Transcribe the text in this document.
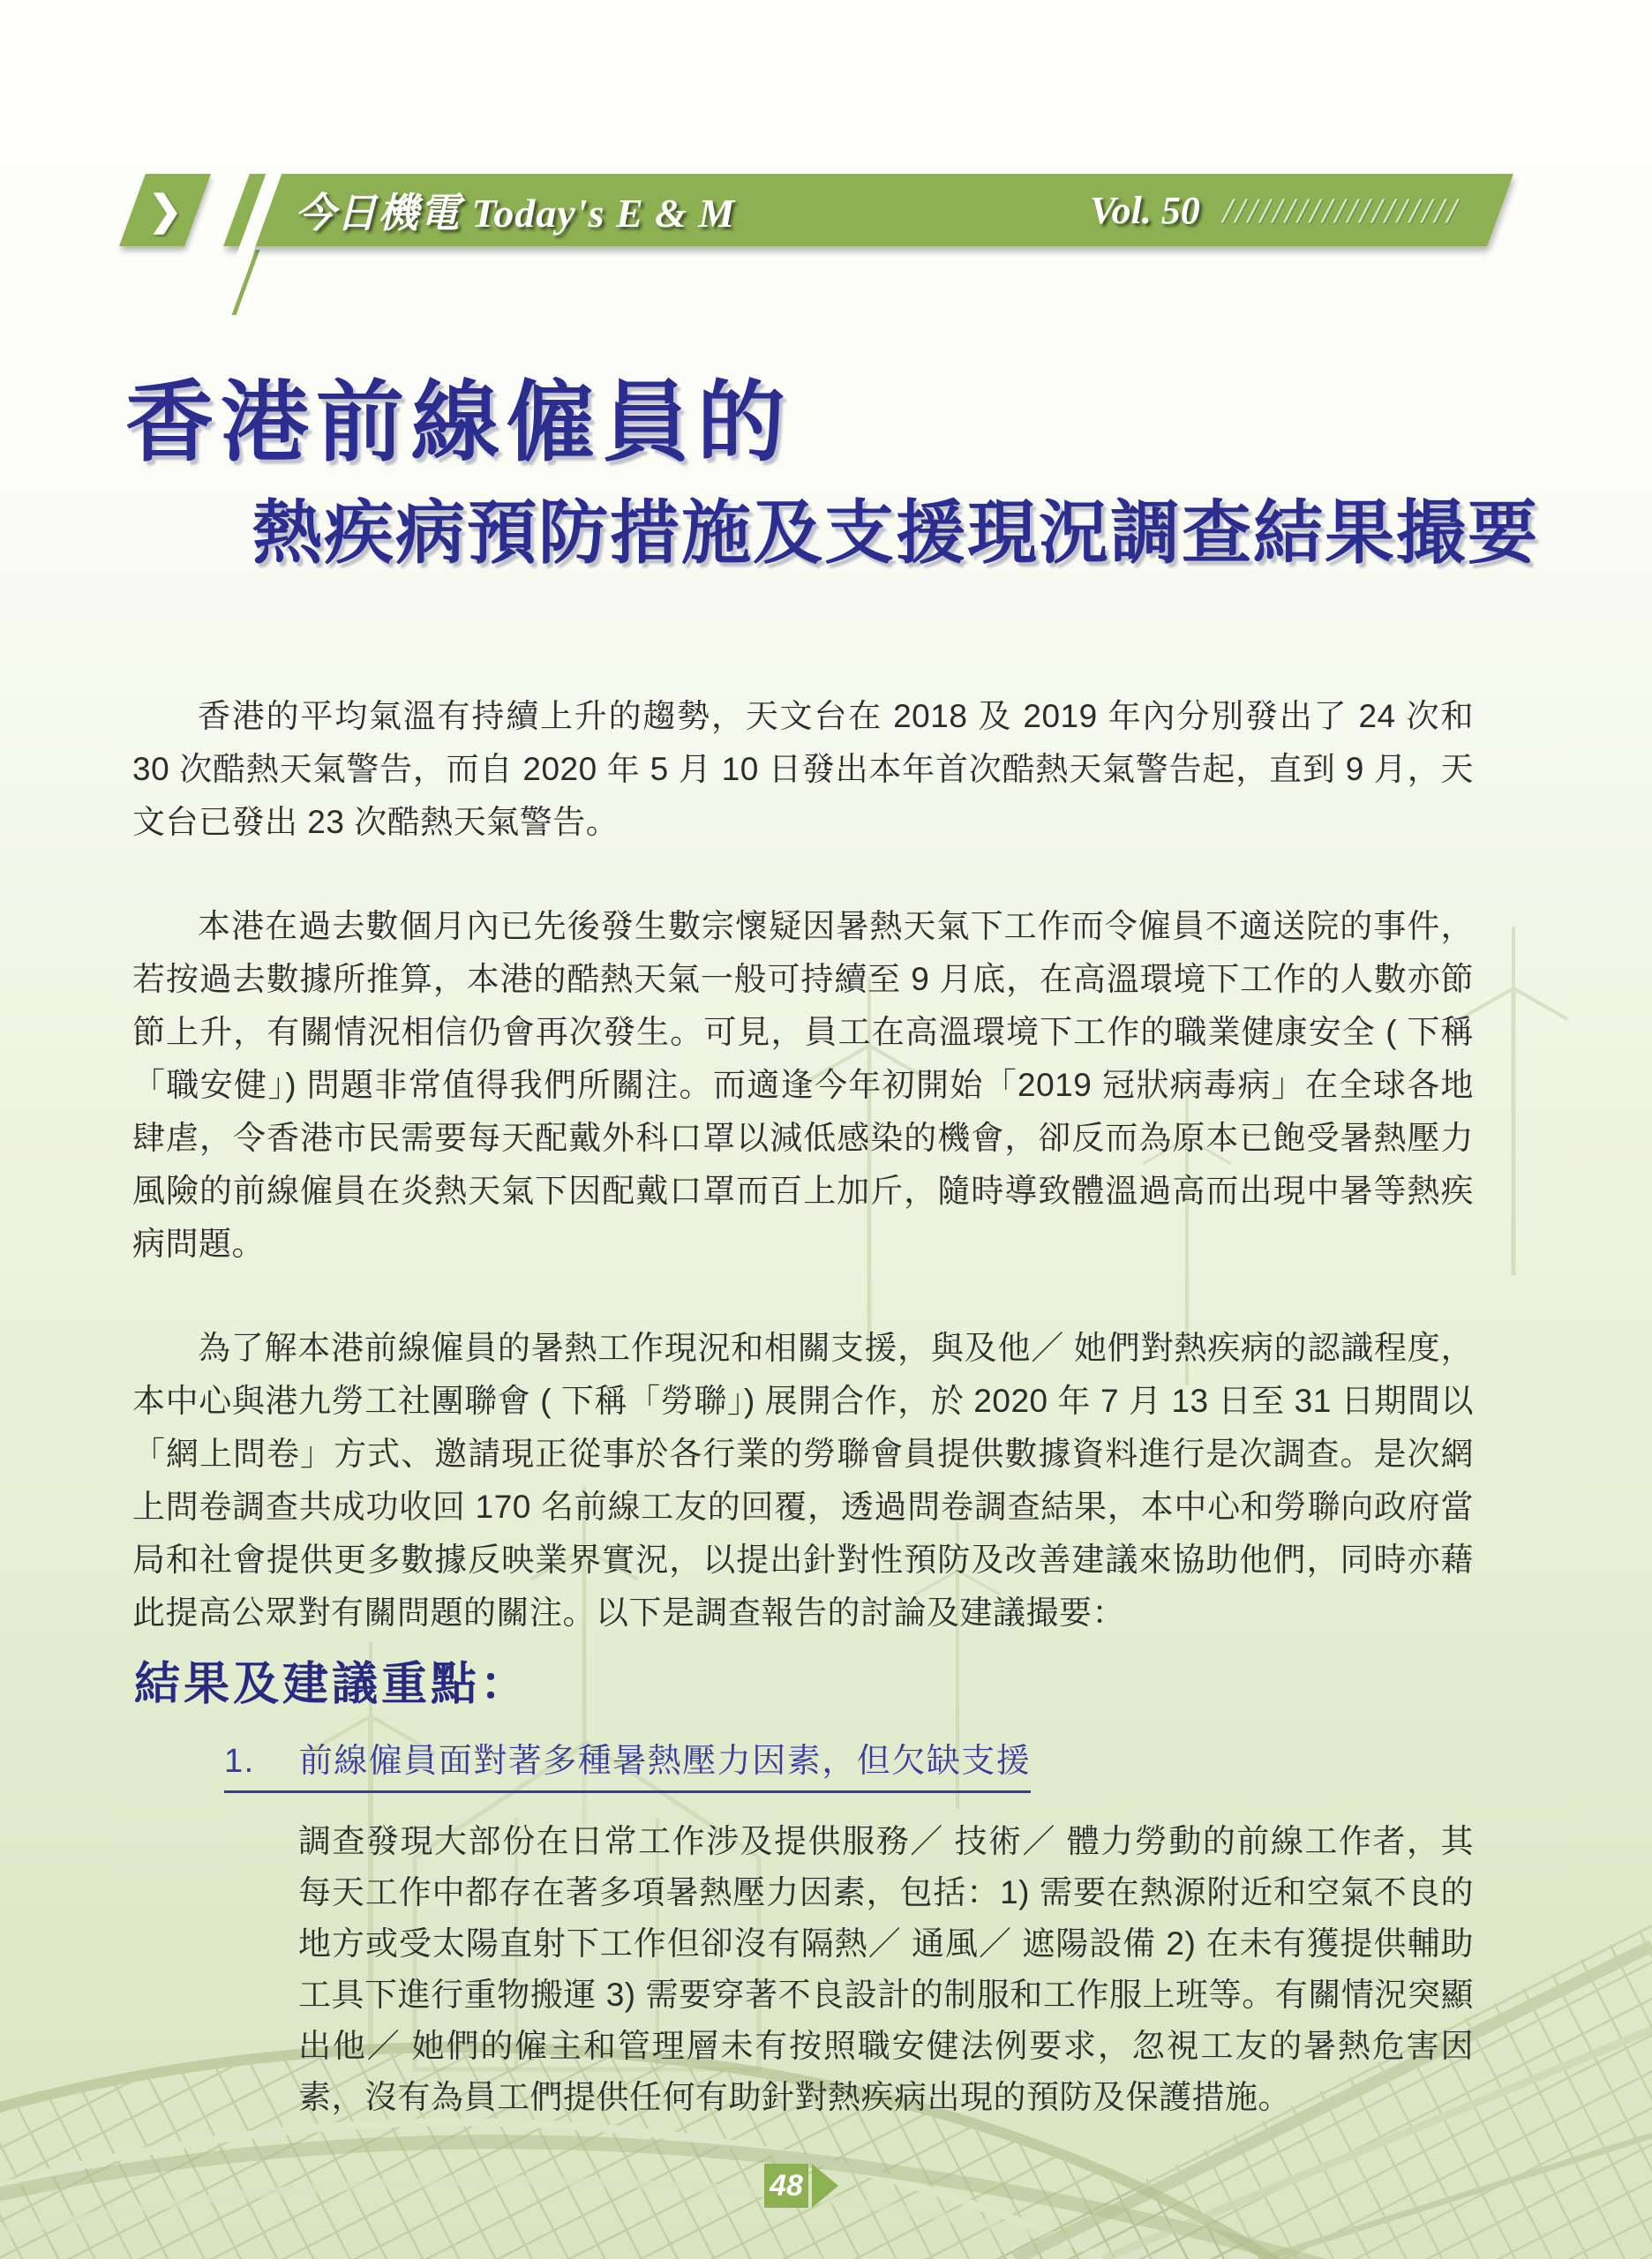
❯	今日機電 Today's E & M	Vol. 50 ///////////////////
香港前線僱員的
熱疾病預防措施及支援現況調查結果撮要

香港的平均氣溫有持續上升的趨勢，天文台在 2018 及 2019 年內分別發出了 24 次和 30 次酷熱天氣警告，而自 2020 年 5 月 10 日發出本年首次酷熱天氣警告起，直到 9 月，天文台已發出 23 次酷熱天氣警告。

本港在過去數個月內已先後發生數宗懷疑因暑熱天氣下工作而令僱員不適送院的事件，若按過去數據所推算，本港的酷熱天氣一般可持續至 9 月底，在高溫環境下工作的人數亦節節上升，有關情況相信仍會再次發生。可見，員工在高溫環境下工作的職業健康安全 ( 下稱「職安健」) 問題非常值得我們所關注。而適逢今年初開始「2019 冠狀病毒病」在全球各地肆虐，令香港市民需要每天配戴外科口罩以減低感染的機會，卻反而為原本已飽受暑熱壓力風險的前線僱員在炎熱天氣下因配戴口罩而百上加斤，隨時導致體溫過高而出現中暑等熱疾病問題。

為了解本港前線僱員的暑熱工作現況和相關支援，與及他／ 她們對熱疾病的認識程度，本中心與港九勞工社團聯會 ( 下稱「勞聯」) 展開合作，於 2020 年 7 月 13 日至 31 日期間以「網上問卷」方式、邀請現正從事於各行業的勞聯會員提供數據資料進行是次調查。是次網上問卷調查共成功收回 170 名前線工友的回覆，透過問卷調查結果，本中心和勞聯向政府當局和社會提供更多數據反映業界實況，以提出針對性預防及改善建議來協助他們，同時亦藉此提高公眾對有關問題的關注。以下是調查報告的討論及建議撮要：

結果及建議重點：
1. 前線僱員面對著多種暑熱壓力因素，但欠缺支援

調查發現大部份在日常工作涉及提供服務／ 技術／ 體力勞動的前線工作者，其每天工作中都存在著多項暑熱壓力因素，包括：1) 需要在熱源附近和空氣不良的地方或受太陽直射下工作但卻沒有隔熱／ 通風／ 遮陽設備 2) 在未有獲提供輔助工具下進行重物搬運 3) 需要穿著不良設計的制服和工作服上班等。有關情況突顯出他／ 她們的僱主和管理層未有按照職安健法例要求，忽視工友的暑熱危害因素，沒有為員工們提供任何有助針對熱疾病出現的預防及保護措施。

48
